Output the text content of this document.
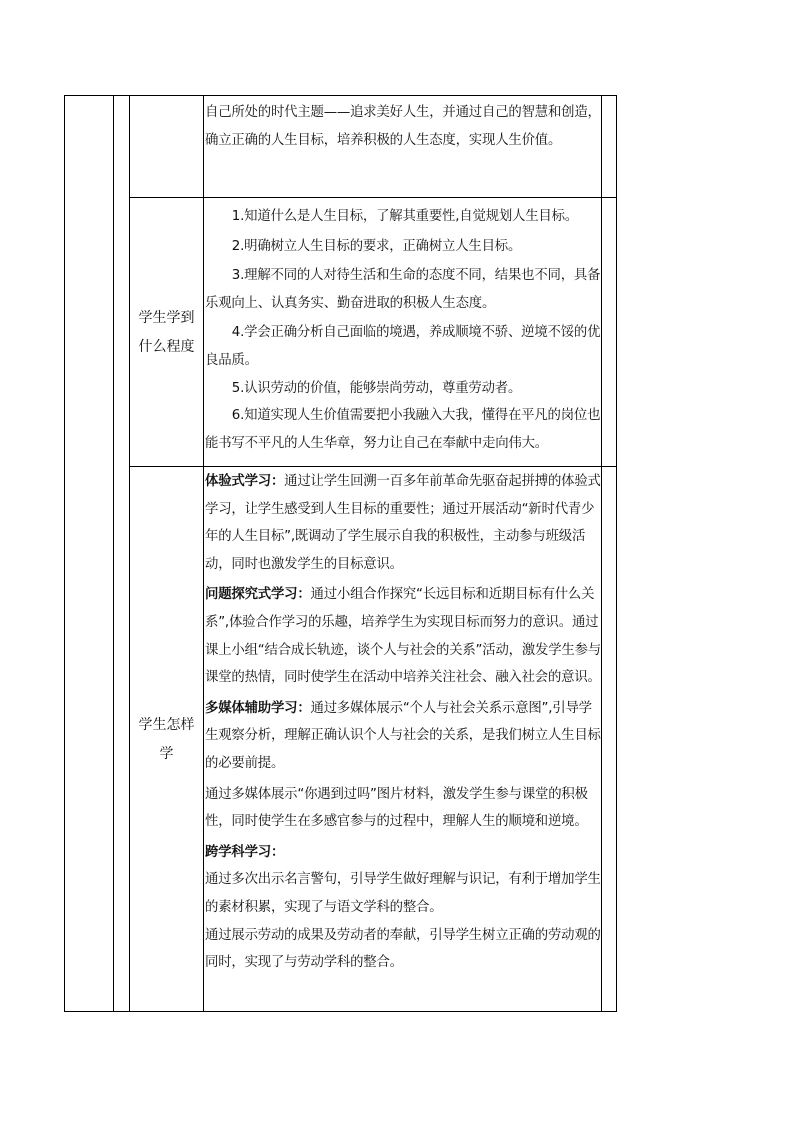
自己所处的时代主题——追求美好人生，并通过自己的智慧和创造，确立正确的人生目标，培养积极的人生态度，实现人生价值。

学生学到
什么程度

1.知道什么是人生目标，了解其重要性,自觉规划人生目标。

2.明确树立人生目标的要求，正确树立人生目标。

3.理解不同的人对待生活和生命的态度不同，结果也不同，具备乐观向上、认真务实、勤奋进取的积极人生态度。

4.学会正确分析自己面临的境遇，养成顺境不骄、逆境不馁的优良品质。

5.认识劳动的价值，能够崇尚劳动，尊重劳动者。

6.知道实现人生价值需要把小我融入大我，懂得在平凡的岗位也能书写不平凡的人生华章，努力让自己在奉献中走向伟大。

学生怎样
学

体验式学习：通过让学生回溯一百多年前革命先驱奋起拼搏的体验式学习，让学生感受到人生目标的重要性；通过开展活动“新时代青少年的人生目标”,既调动了学生展示自我的积极性，主动参与班级活动，同时也激发学生的目标意识。

问题探究式学习：通过小组合作探究“长远目标和近期目标有什么关系”,体验合作学习的乐趣，培养学生为实现目标而努力的意识。通过课上小组“结合成长轨迹，谈个人与社会的关系”活动，激发学生参与课堂的热情，同时使学生在活动中培养关注社会、融入社会的意识。

多媒体辅助学习：通过多媒体展示“个人与社会关系示意图”,引导学生观察分析，理解正确认识个人与社会的关系，是我们树立人生目标的必要前提。

通过多媒体展示“你遇到过吗”图片材料，激发学生参与课堂的积极性，同时使学生在多感官参与的过程中，理解人生的顺境和逆境。

跨学科学习：

通过多次出示名言警句，引导学生做好理解与识记，有利于增加学生的素材积累，实现了与语文学科的整合。

通过展示劳动的成果及劳动者的奉献，引导学生树立正确的劳动观的同时，实现了与劳动学科的整合。
